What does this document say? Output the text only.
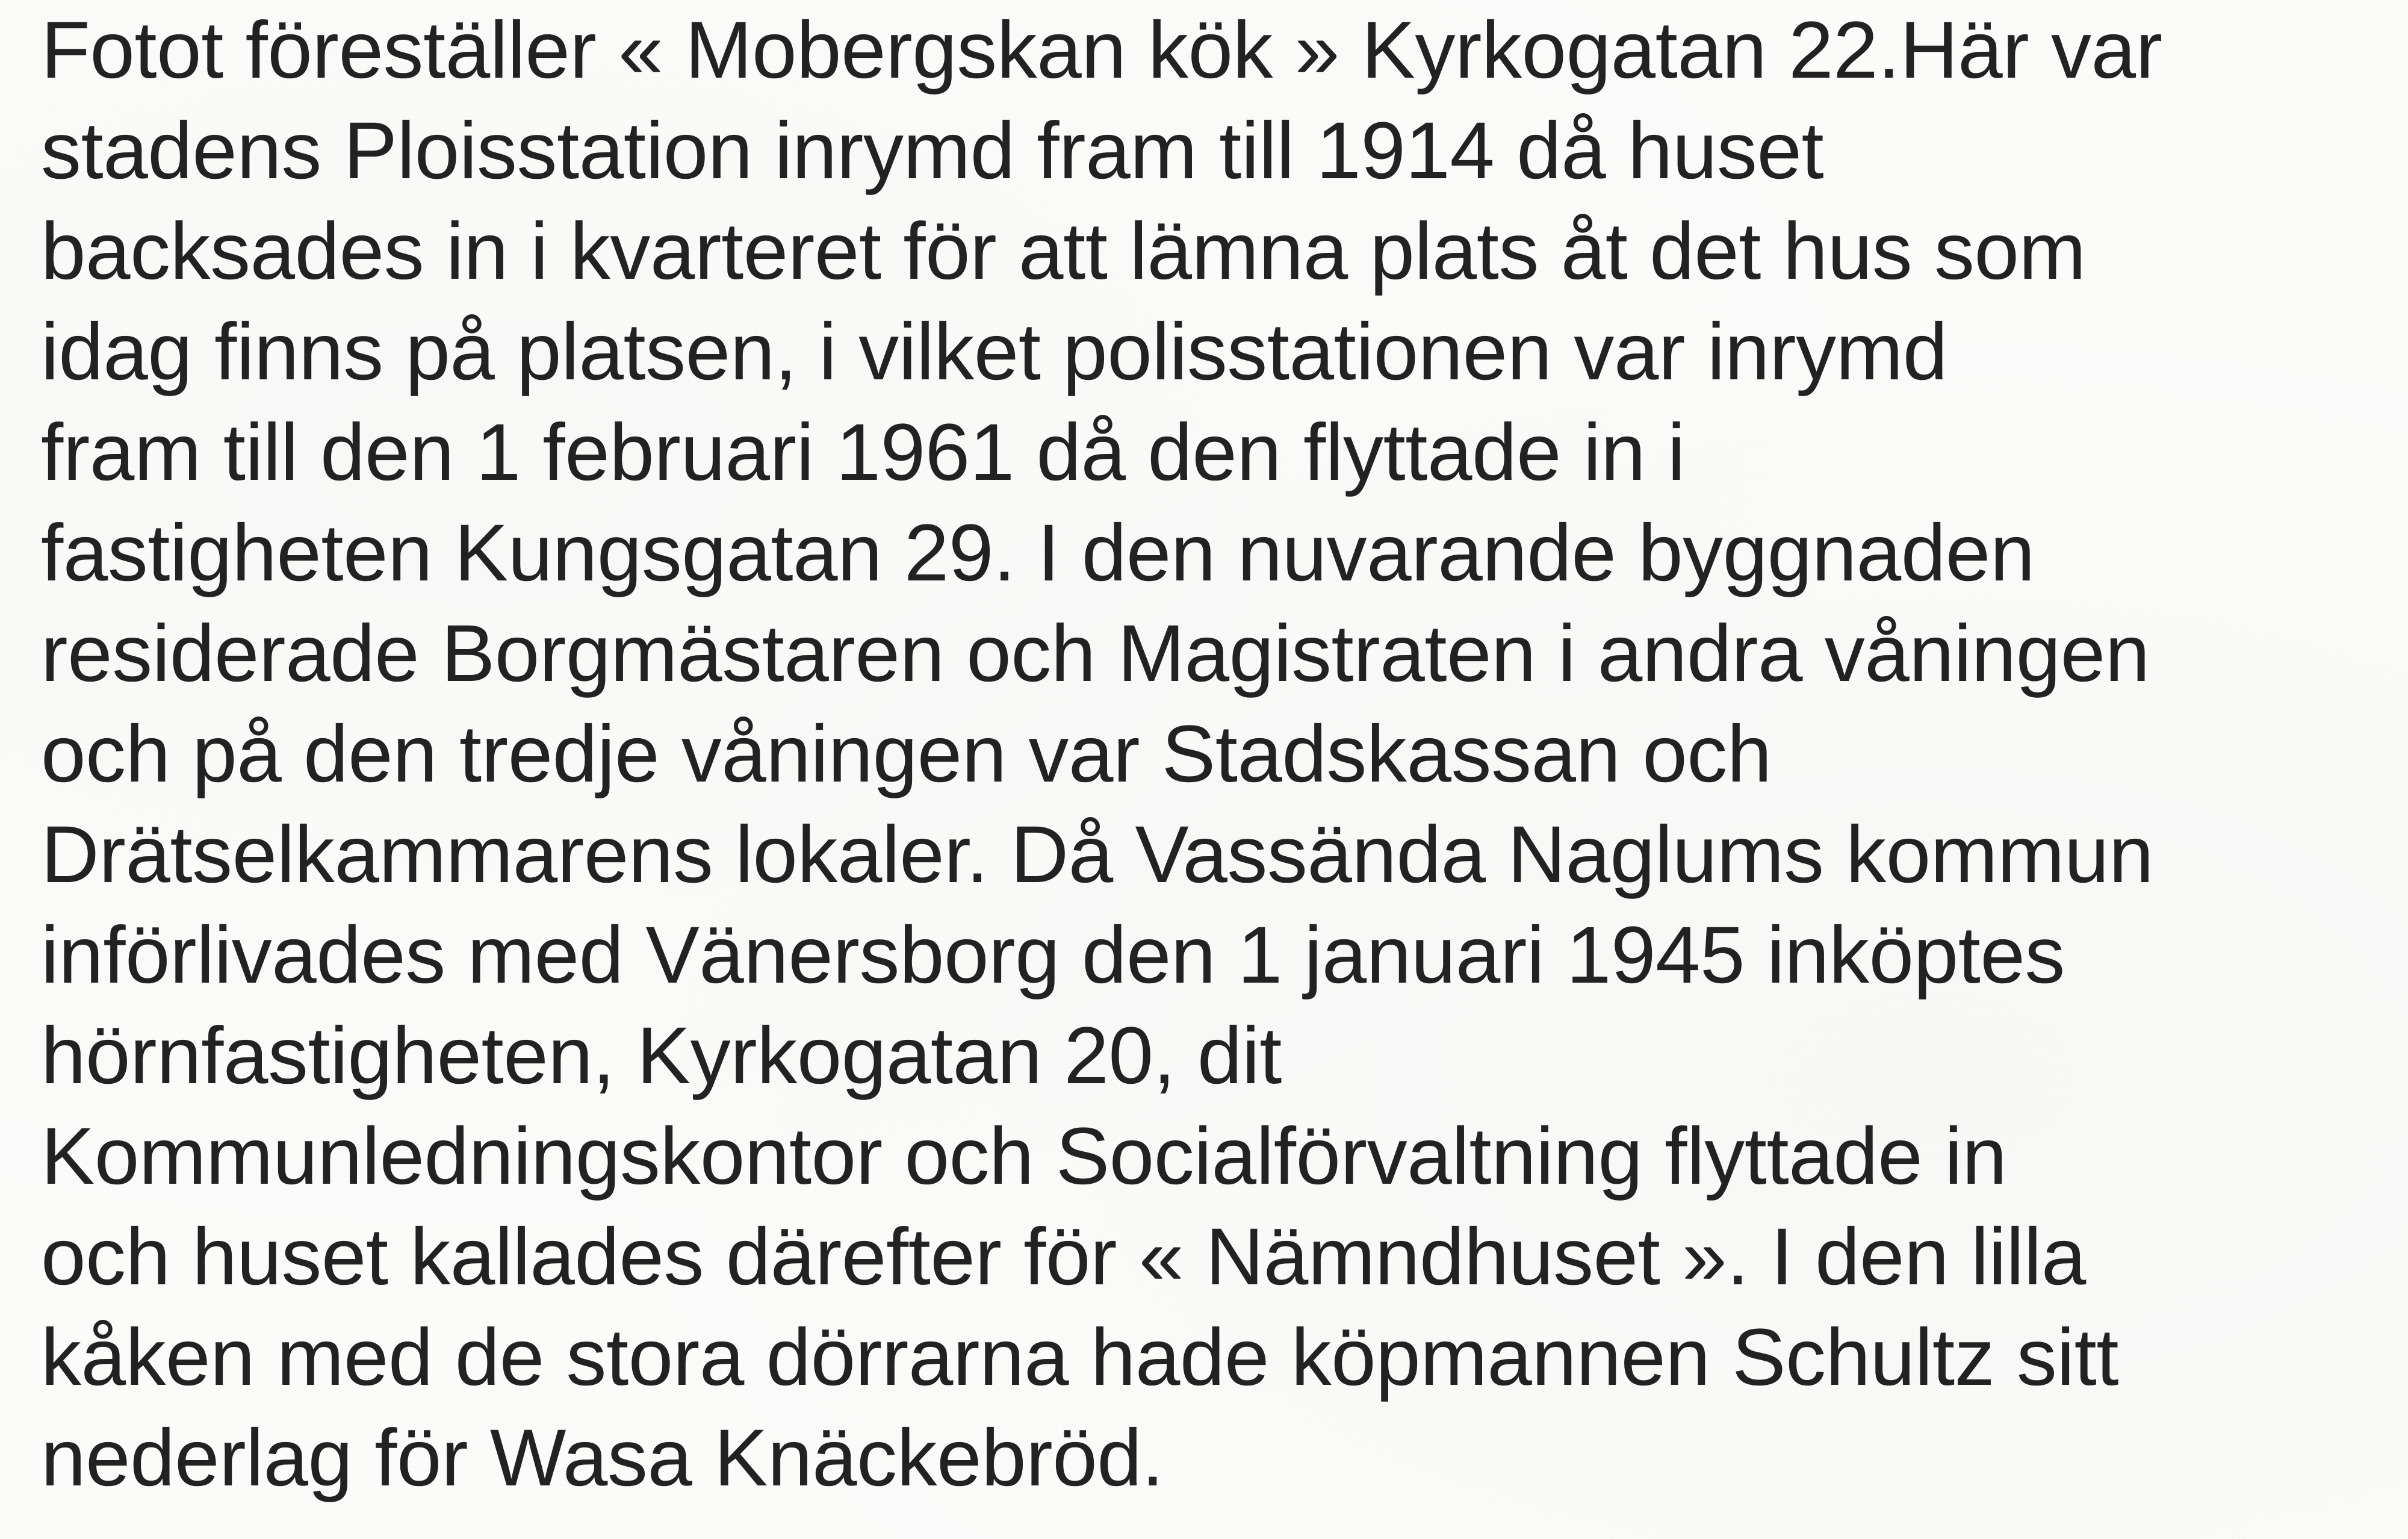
Fotot föreställer « Mobergskan kök » Kyrkogatan 22.Här var
stadens Ploisstation inrymd fram till 1914 då huset
backsades in i kvarteret för att lämna plats åt det hus som
idag finns på platsen, i vilket polisstationen var inrymd
fram till den 1 februari 1961 då den flyttade in i
fastigheten Kungsgatan 29. I den nuvarande byggnaden
residerade Borgmästaren och Magistraten i andra våningen
och på den tredje våningen var Stadskassan och
Drätselkammarens lokaler. Då Vassända Naglums kommun
införlivades med Vänersborg den 1 januari 1945 inköptes
hörnfastigheten, Kyrkogatan 20, dit
Kommunledningskontor och Socialförvaltning flyttade in
och huset kallades därefter för « Nämndhuset ». I den lilla
kåken med de stora dörrarna hade köpmannen Schultz sitt
nederlag för Wasa Knäckebröd.
